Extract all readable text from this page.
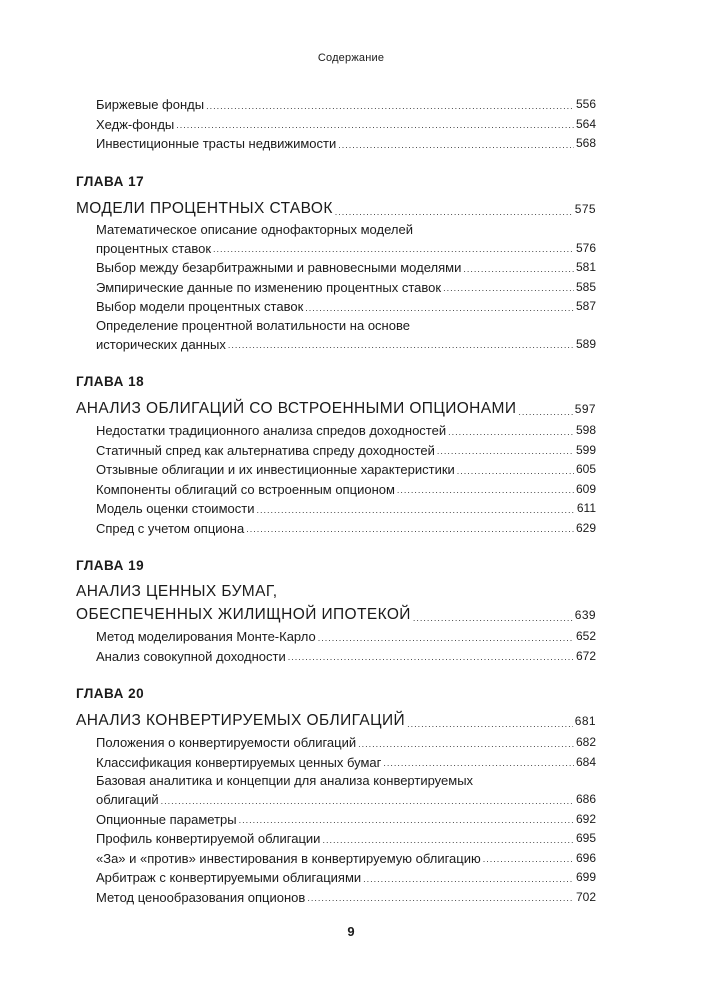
Содержание
Биржевые фонды .....	556
Хедж-фонды .....	564
Инвестиционные трасты недвижимости .....	568
ГЛАВА 17
МОДЕЛИ ПРОЦЕНТНЫХ СТАВОК .....	575
Математическое описание однофакторных моделей
процентных ставок .....	576
Выбор между безарбитражными и равновесными моделями .....	581
Эмпирические данные по изменению процентных ставок .....	585
Выбор модели процентных ставок .....	587
Определение процентной волатильности на основе
исторических данных .....	589
ГЛАВА 18
АНАЛИЗ ОБЛИГАЦИЙ СО ВСТРОЕННЫМИ ОПЦИОНАМИ .....	597
Недостатки традиционного анализа спредов доходностей .....	598
Статичный спред как альтернатива спреду доходностей .....	599
Отзывные облигации и их инвестиционные характеристики .....	605
Компоненты облигаций со встроенным опционом .....	609
Модель оценки стоимости .....	611
Спред с учетом опциона .....	629
ГЛАВА 19
АНАЛИЗ ЦЕННЫХ БУМАГ,
ОБЕСПЕЧЕННЫХ ЖИЛИЩНОЙ ИПОТЕКОЙ .....	639
Метод моделирования Монте-Карло .....	652
Анализ совокупной доходности .....	672
ГЛАВА 20
АНАЛИЗ КОНВЕРТИРУЕМЫХ ОБЛИГАЦИЙ .....	681
Положения о конвертируемости облигаций .....	682
Классификация конвертируемых ценных бумаг .....	684
Базовая аналитика и концепции для анализа конвертируемых
облигаций .....	686
Опционные параметры .....	692
Профиль конвертируемой облигации .....	695
«За» и «против» инвестирования в конвертируемую облигацию .....	696
Арбитраж с конвертируемыми облигациями .....	699
Метод ценообразования опционов .....	702
9
